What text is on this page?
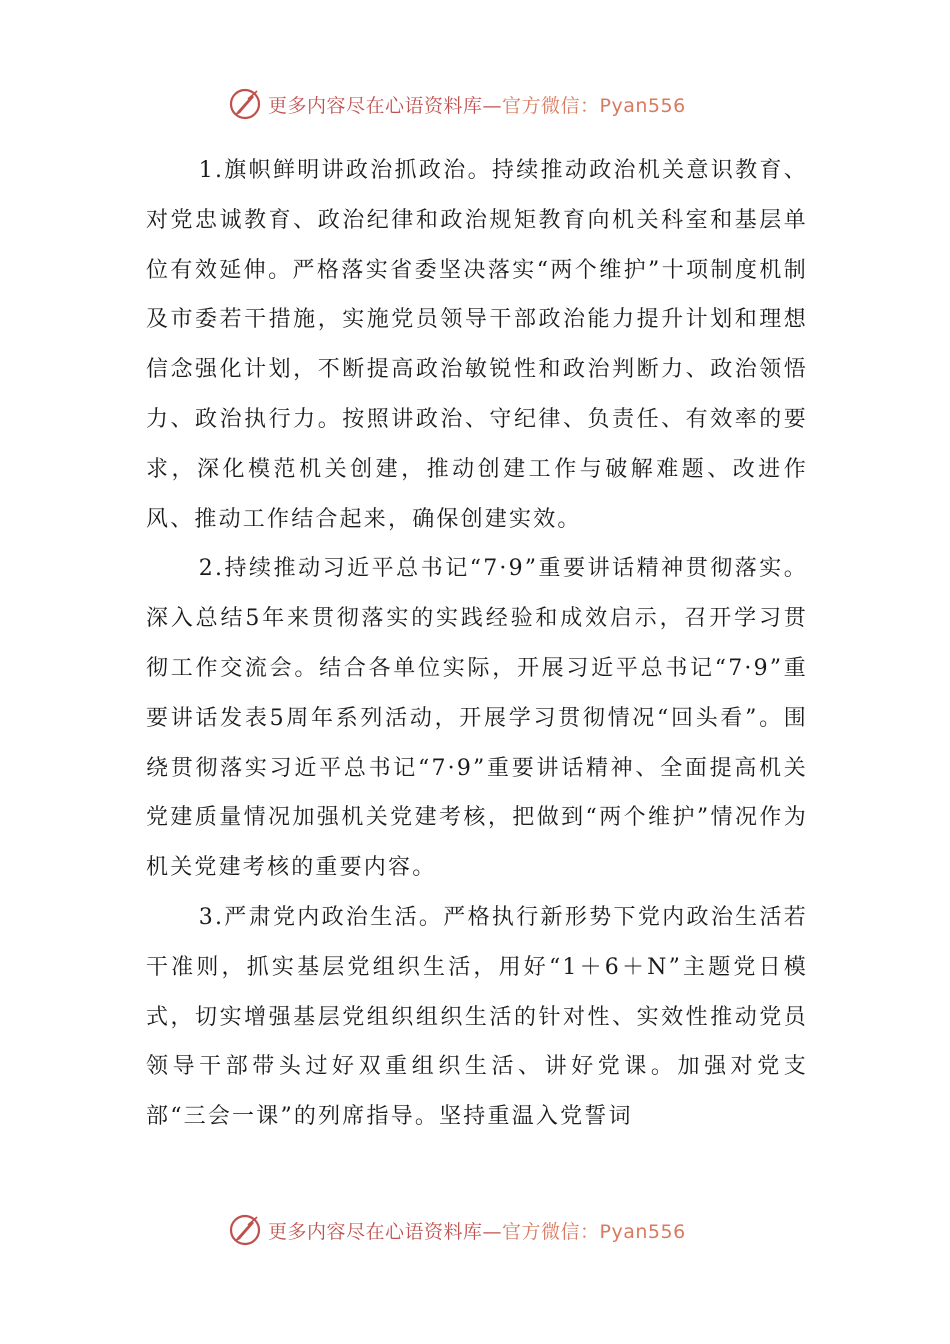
更多内容尽在心语资料库—官方微信：Pyan556

1.旗帜鲜明讲政治抓政治。持续推动政治机关意识教育、对党忠诚教育、政治纪律和政治规矩教育向机关科室和基层单位有效延伸。严格落实省委坚决落实“两个维护”十项制度机制及市委若干措施，实施党员领导干部政治能力提升计划和理想信念强化计划，不断提高政治敏锐性和政治判断力、政治领悟力、政治执行力。按照讲政治、守纪律、负责任、有效率的要求，深化模范机关创建，推动创建工作与破解难题、改进作风、推动工作结合起来，确保创建实效。

2.持续推动习近平总书记“7·9”重要讲话精神贯彻落实。深入总结5年来贯彻落实的实践经验和成效启示，召开学习贯彻工作交流会。结合各单位实际，开展习近平总书记“7·9”重要讲话发表5周年系列活动，开展学习贯彻情况“回头看”。围绕贯彻落实习近平总书记“7·9”重要讲话精神、全面提高机关党建质量情况加强机关党建考核，把做到“两个维护”情况作为机关党建考核的重要内容。

3.严肃党内政治生活。严格执行新形势下党内政治生活若干准则，抓实基层党组织生活，用好“1＋6＋N”主题党日模式，切实增强基层党组织组织生活的针对性、实效性推动党员领导干部带头过好双重组织生活、讲好党课。加强对党支部“三会一课”的列席指导。坚持重温入党誓词

更多内容尽在心语资料库—官方微信：Pyan556
